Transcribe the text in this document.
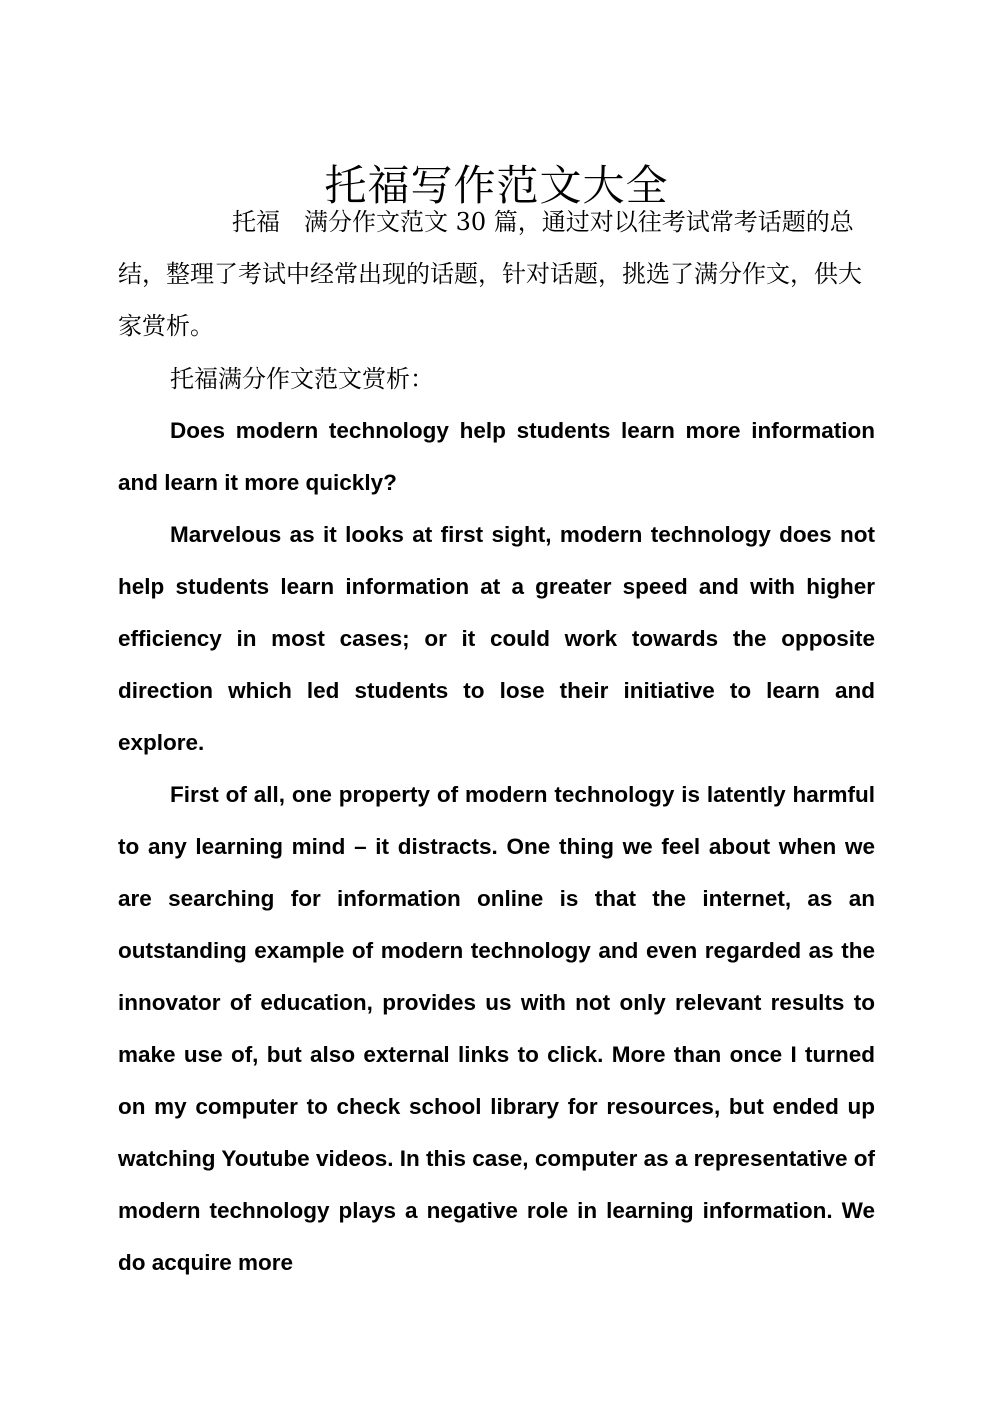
托福写作范文大全

托福　满分作文范文 30 篇，通过对以往考试常考话题的总结，整理了考试中经常出现的话题，针对话题，挑选了满分作文，供大家赏析。

托福满分作文范文赏析：

Does modern technology help students learn more information and learn it more quickly?

Marvelous as it looks at first sight, modern technology does not help students learn information at a greater speed and with higher efficiency in most cases; or it could work towards the opposite direction which led students to lose their initiative to learn and explore.

First of all, one property of modern technology is latently harmful to any learning mind – it distracts. One thing we feel about when we are searching for information online is that the internet, as an outstanding example of modern technology and even regarded as the innovator of education, provides us with not only relevant results to make use of, but also external links to click. More than once I turned on my computer to check school library for resources, but ended up watching Youtube videos. In this case, computer as a representative of modern technology plays a negative role in learning information. We do acquire more
